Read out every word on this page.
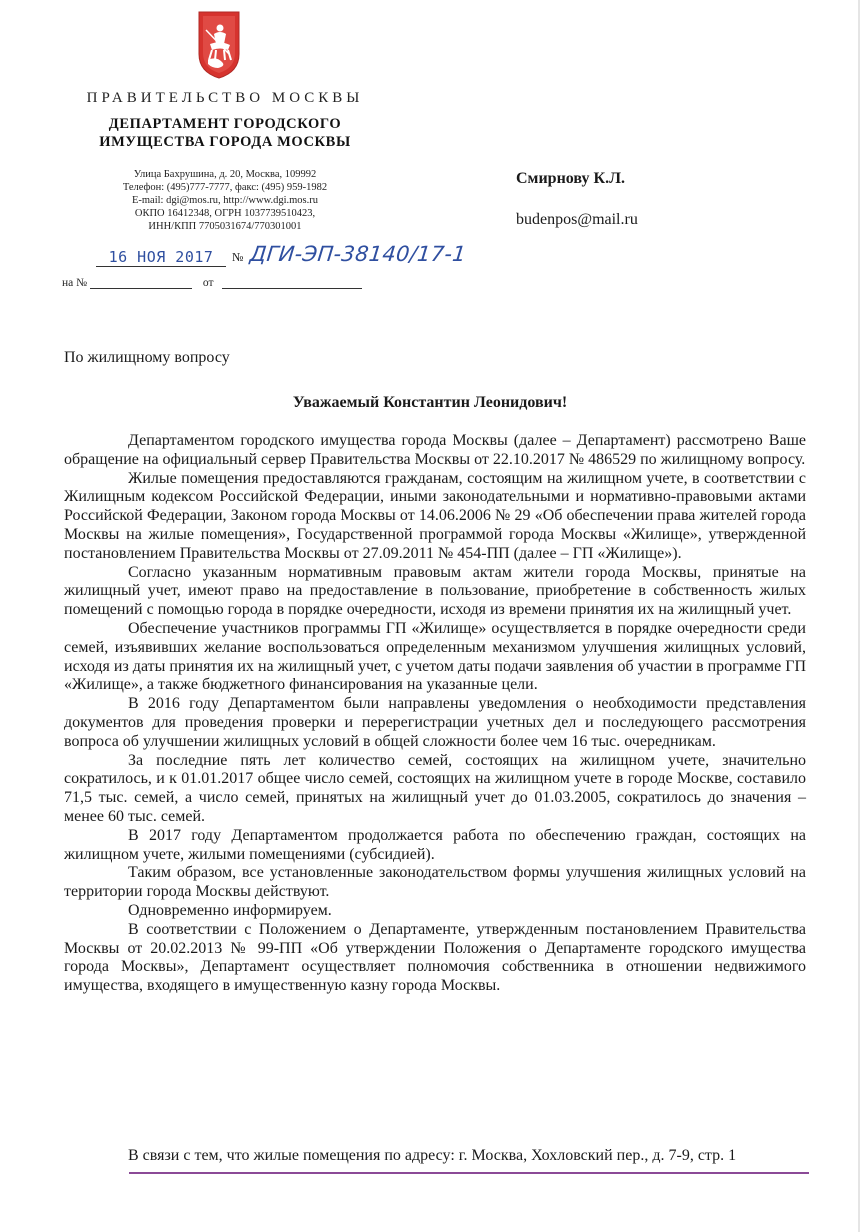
ПРАВИТЕЛЬСТВО МОСКВЫ
ДЕПАРТАМЕНТ ГОРОДСКОГО
ИМУЩЕСТВА ГОРОДА МОСКВЫ
Улица Бахрушина, д. 20, Москва, 109992
Телефон: (495)777-7777, факс: (495) 959-1982
E-mail: dgi@mos.ru, http://www.dgi.mos.ru
ОКПО 16412348, ОГРН 1037739510423,
ИНН/КПП 7705031674/770301001
Смирнову К.Л.
budenpos@mail.ru
16 НОЯ 2017	№ ДГИ-ЭП-38140/17-1
на №	от
По жилищному вопросу
Уважаемый Константин Леонидович!

Департаментом городского имущества города Москвы (далее – Департамент) рассмотрено Ваше обращение на официальный сервер Правительства Москвы от 22.10.2017 № 486529 по жилищному вопросу.

Жилые помещения предоставляются гражданам, состоящим на жилищном учете, в соответствии с Жилищным кодексом Российской Федерации, иными законодательными и нормативно-правовыми актами Российской Федерации, Законом города Москвы от 14.06.2006 № 29 «Об обеспечении права жителей города Москвы на жилые помещения», Государственной программой города Москвы «Жилище», утвержденной постановлением Правительства Москвы от 27.09.2011 № 454-ПП (далее – ГП «Жилище»).

Согласно указанным нормативным правовым актам жители города Москвы, принятые на жилищный учет, имеют право на предоставление в пользование, приобретение в собственность жилых помещений с помощью города в порядке очередности, исходя из времени принятия их на жилищный учет.

Обеспечение участников программы ГП «Жилище» осуществляется в порядке очередности среди семей, изъявивших желание воспользоваться определенным механизмом улучшения жилищных условий, исходя из даты принятия их на жилищный учет, с учетом даты подачи заявления об участии в программе ГП «Жилище», а также бюджетного финансирования на указанные цели.

В 2016 году Департаментом были направлены уведомления о необходимости представления документов для проведения проверки и перерегистрации учетных дел и последующего рассмотрения вопроса об улучшении жилищных условий в общей сложности более чем 16 тыс. очередникам.

За последние пять лет количество семей, состоящих на жилищном учете, значительно сократилось, и к 01.01.2017 общее число семей, состоящих на жилищном учете в городе Москве, составило 71,5 тыс. семей, а число семей, принятых на жилищный учет до 01.03.2005, сократилось до значения – менее 60 тыс. семей.

В 2017 году Департаментом продолжается работа по обеспечению граждан, состоящих на жилищном учете, жилыми помещениями (субсидией).

Таким образом, все установленные законодательством формы улучшения жилищных условий на территории города Москвы действуют.

Одновременно информируем.

В соответствии с Положением о Департаменте, утвержденным постановлением Правительства Москвы от 20.02.2013 № 99-ПП «Об утверждении Положения о Департаменте городского имущества города Москвы», Департамент осуществляет полномочия собственника в отношении недвижимого имущества, входящего в имущественную казну города Москвы.

В связи с тем, что жилые помещения по адресу: г. Москва, Хохловский пер., д. 7-9, стр. 1
